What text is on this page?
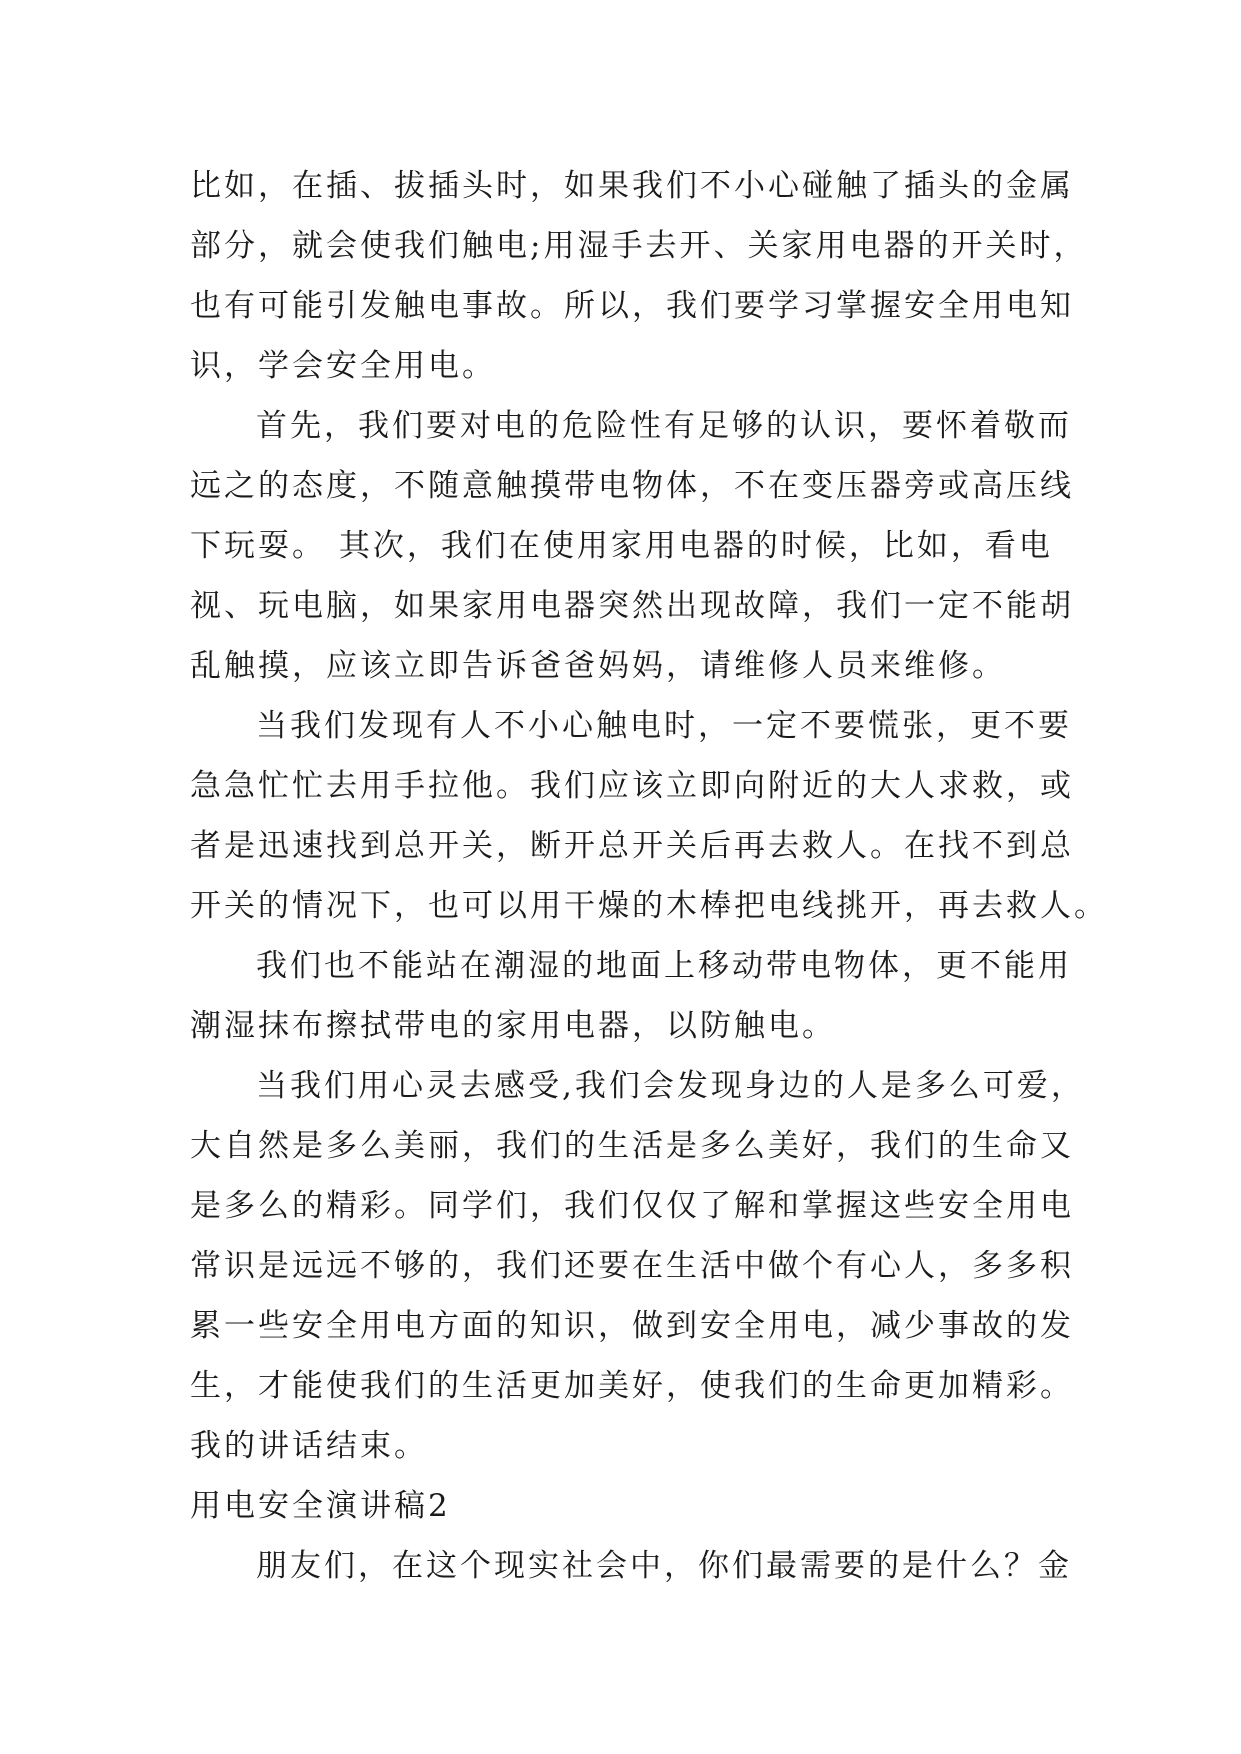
比如，在插、拔插头时，如果我们不小心碰触了插头的金属
部分，就会使我们触电;用湿手去开、关家用电器的开关时，
也有可能引发触电事故。所以，我们要学习掌握安全用电知
识，学会安全用电。
首先，我们要对电的危险性有足够的认识，要怀着敬而
远之的态度，不随意触摸带电物体，不在变压器旁或高压线
下玩耍。 其次，我们在使用家用电器的时候，比如，看电
视、玩电脑，如果家用电器突然出现故障，我们一定不能胡
乱触摸，应该立即告诉爸爸妈妈，请维修人员来维修。
当我们发现有人不小心触电时，一定不要慌张，更不要
急急忙忙去用手拉他。我们应该立即向附近的大人求救，或
者是迅速找到总开关，断开总开关后再去救人。在找不到总
开关的情况下，也可以用干燥的木棒把电线挑开，再去救人。
我们也不能站在潮湿的地面上移动带电物体，更不能用
潮湿抹布擦拭带电的家用电器，以防触电。
当我们用心灵去感受,我们会发现身边的人是多么可爱，
大自然是多么美丽，我们的生活是多么美好，我们的生命又
是多么的精彩。同学们，我们仅仅了解和掌握这些安全用电
常识是远远不够的，我们还要在生活中做个有心人，多多积
累一些安全用电方面的知识，做到安全用电，减少事故的发
生，才能使我们的生活更加美好，使我们的生命更加精彩。
我的讲话结束。
用电安全演讲稿2
朋友们，在这个现实社会中，你们最需要的是什么？金
